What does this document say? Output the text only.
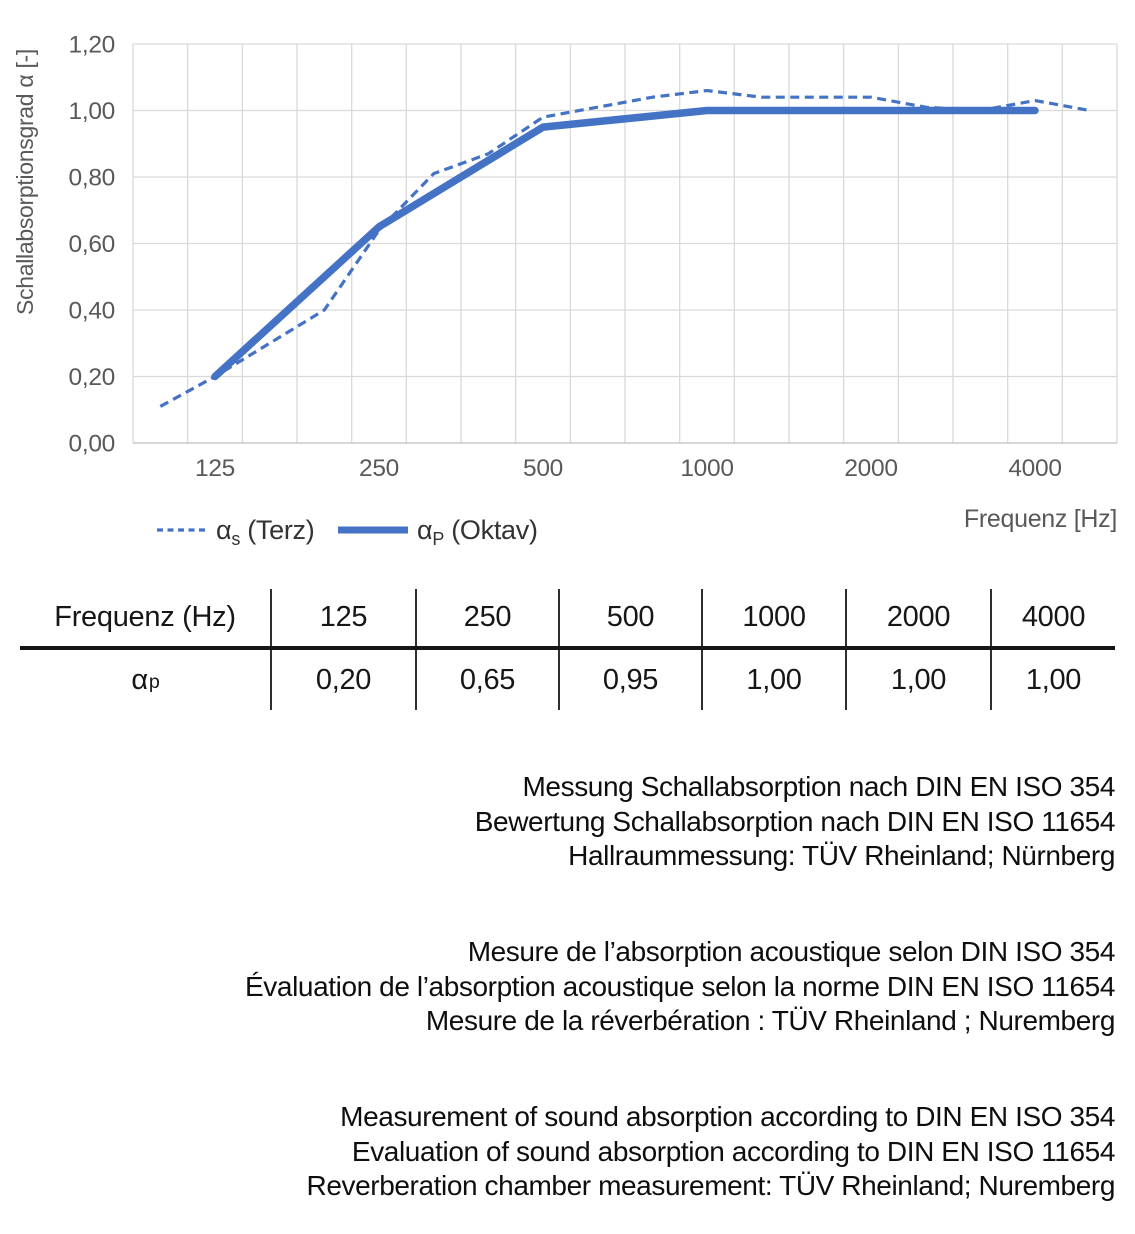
1,20
1,00
0,80
0,60
0,40
0,20
0,00
125	250	500	1000	2000	4000
Schallabsorptionsgrad α [-]
Frequenz [Hz]
$\alpha_s$ (Terz)	$\alpha_P$ (Oktav)
Frequenz (Hz)	125	250	500	1000	2000	4000
$\alpha_p$	0,20	0,65	0,95	1,00	1,00	1,00
Messung Schallabsorption nach DIN EN ISO 354
Bewertung Schallabsorption nach DIN EN ISO 11654
Hallraummessung: TÜV Rheinland; Nürnberg
Mesure de l’absorption acoustique selon DIN ISO 354
Évaluation de l’absorption acoustique selon la norme DIN EN ISO 11654
Mesure de la réverbération : TÜV Rheinland ; Nuremberg
Measurement of sound absorption according to DIN EN ISO 354
Evaluation of sound absorption according to DIN EN ISO 11654
Reverberation chamber measurement: TÜV Rheinland; Nuremberg
